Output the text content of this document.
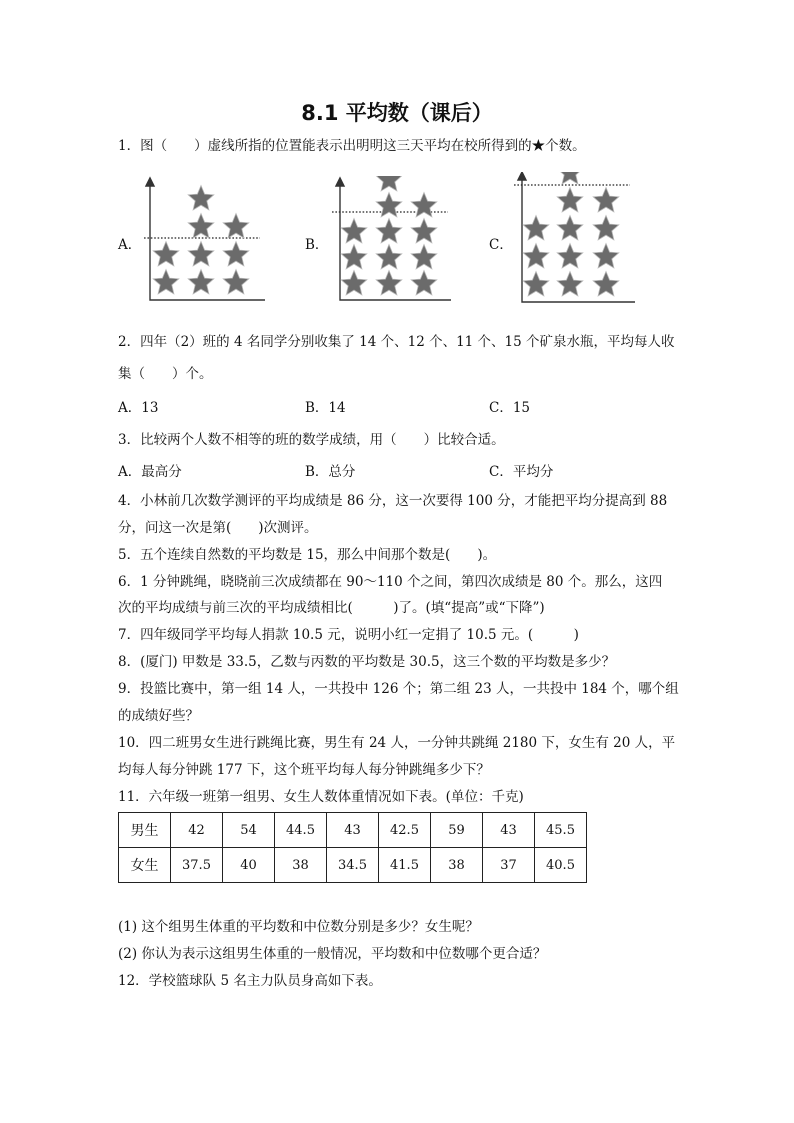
8.1 平均数（课后）
1．图（　　）虚线所指的位置能表示出明明这三天平均在校所得到的★个数。
A．	B．	C．
2．四年（2）班的 4 名同学分别收集了 14 个、12 个、11 个、15 个矿泉水瓶，平均每人收
集（　　）个。
A．13	B．14	C．15
3．比较两个人数不相等的班的数学成绩，用（　　）比较合适。
A．最高分	B．总分	C．平均分
4．小林前几次数学测评的平均成绩是 86 分，这一次要得 100 分，才能把平均分提高到 88
分，问这一次是第(　　)次测评。
5．五个连续自然数的平均数是 15，那么中间那个数是(　　)。
6．1 分钟跳绳，晓晓前三次成绩都在 90～110 个之间，第四次成绩是 80 个。那么，这四
次的平均成绩与前三次的平均成绩相比(　　　)了。(填“提高”或“下降”)
7．四年级同学平均每人捐款 10.5 元，说明小红一定捐了 10.5 元。(　　　)
8．(厦门) 甲数是 33.5，乙数与丙数的平均数是 30.5，这三个数的平均数是多少？
9．投篮比赛中，第一组 14 人，一共投中 126 个；第二组 23 人，一共投中 184 个，哪个组
的成绩好些？
10．四二班男女生进行跳绳比赛，男生有 24 人，一分钟共跳绳 2180 下，女生有 20 人，平
均每人每分钟跳 177 下，这个班平均每人每分钟跳绳多少下？
11．六年级一班第一组男、女生人数体重情况如下表。(单位：千克)
男生	42	54	44.5	43	42.5	59	43	45.5
女生	37.5	40	38	34.5	41.5	38	37	40.5
(1) 这个组男生体重的平均数和中位数分别是多少？女生呢？
(2) 你认为表示这组男生体重的一般情况，平均数和中位数哪个更合适？
12．学校篮球队 5 名主力队员身高如下表。
